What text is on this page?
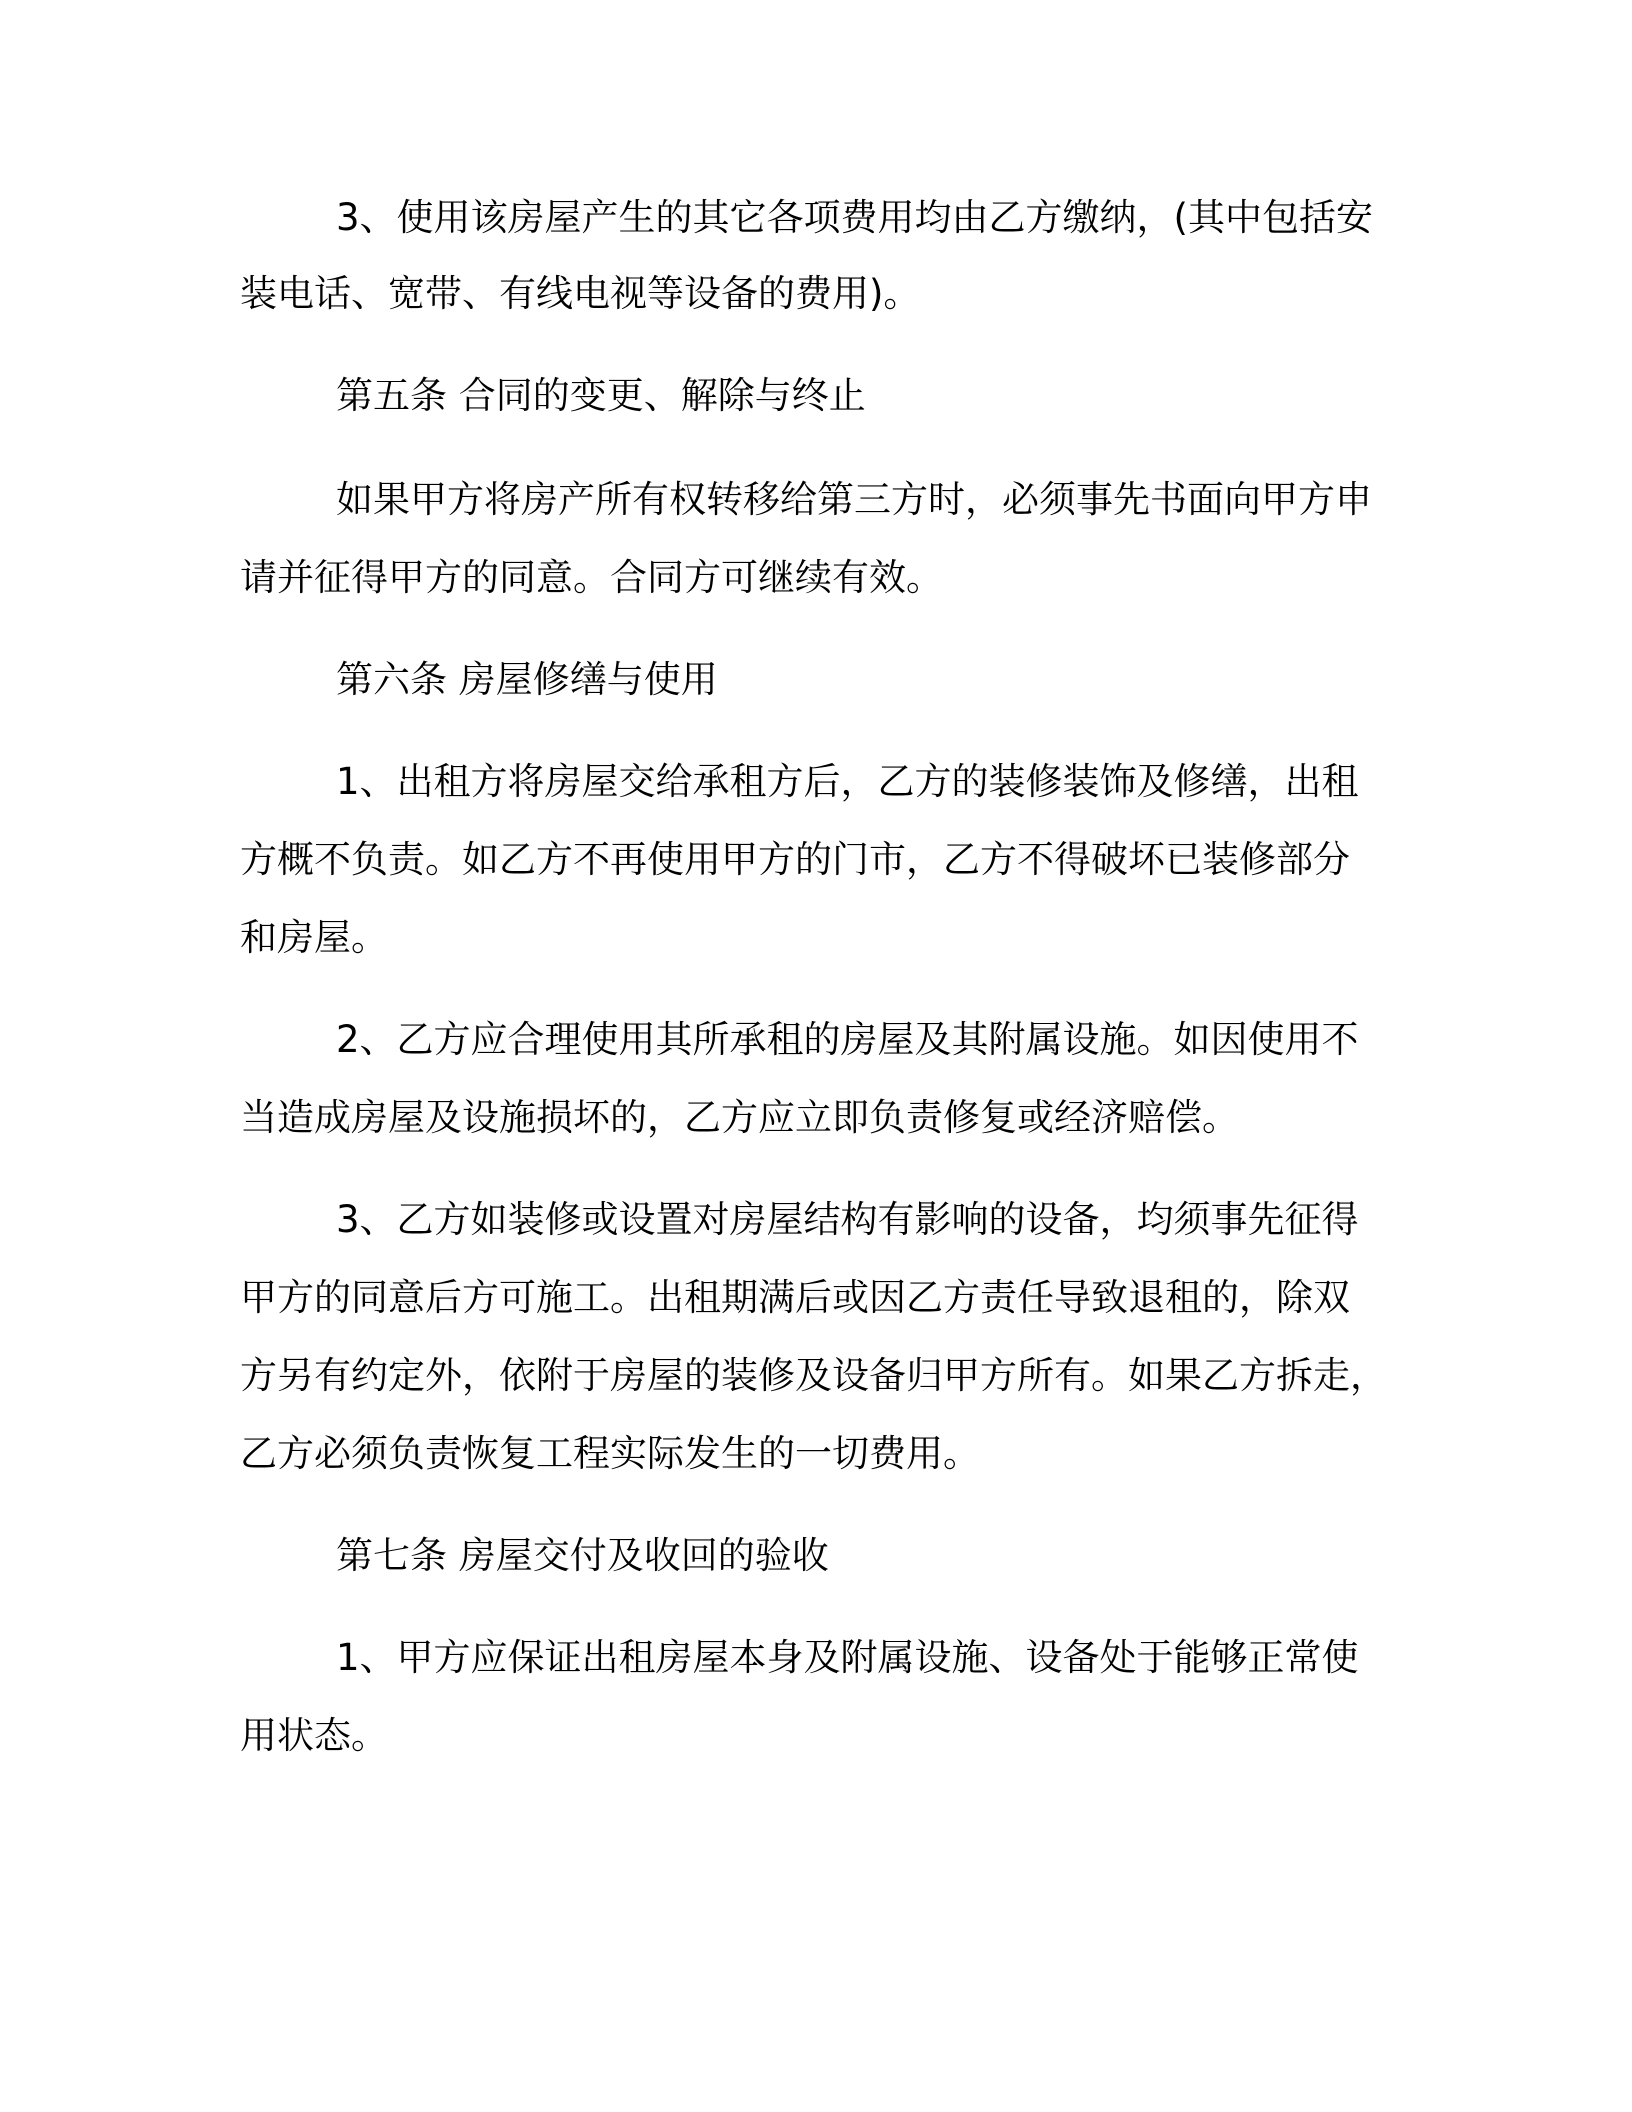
3、使用该房屋产生的其它各项费用均由乙方缴纳，(其中包括安

装电话、宽带、有线电视等设备的费用)。

第五条 合同的变更、解除与终止

如果甲方将房产所有权转移给第三方时，必须事先书面向甲方申

请并征得甲方的同意。合同方可继续有效。

第六条 房屋修缮与使用

1、出租方将房屋交给承租方后，乙方的装修装饰及修缮，出租

方概不负责。如乙方不再使用甲方的门市，乙方不得破坏已装修部分

和房屋。

2、乙方应合理使用其所承租的房屋及其附属设施。如因使用不

当造成房屋及设施损坏的，乙方应立即负责修复或经济赔偿。

3、乙方如装修或设置对房屋结构有影响的设备，均须事先征得

甲方的同意后方可施工。出租期满后或因乙方责任导致退租的，除双

方另有约定外，依附于房屋的装修及设备归甲方所有。如果乙方拆走，

乙方必须负责恢复工程实际发生的一切费用。

第七条 房屋交付及收回的验收

1、甲方应保证出租房屋本身及附属设施、设备处于能够正常使

用状态。
